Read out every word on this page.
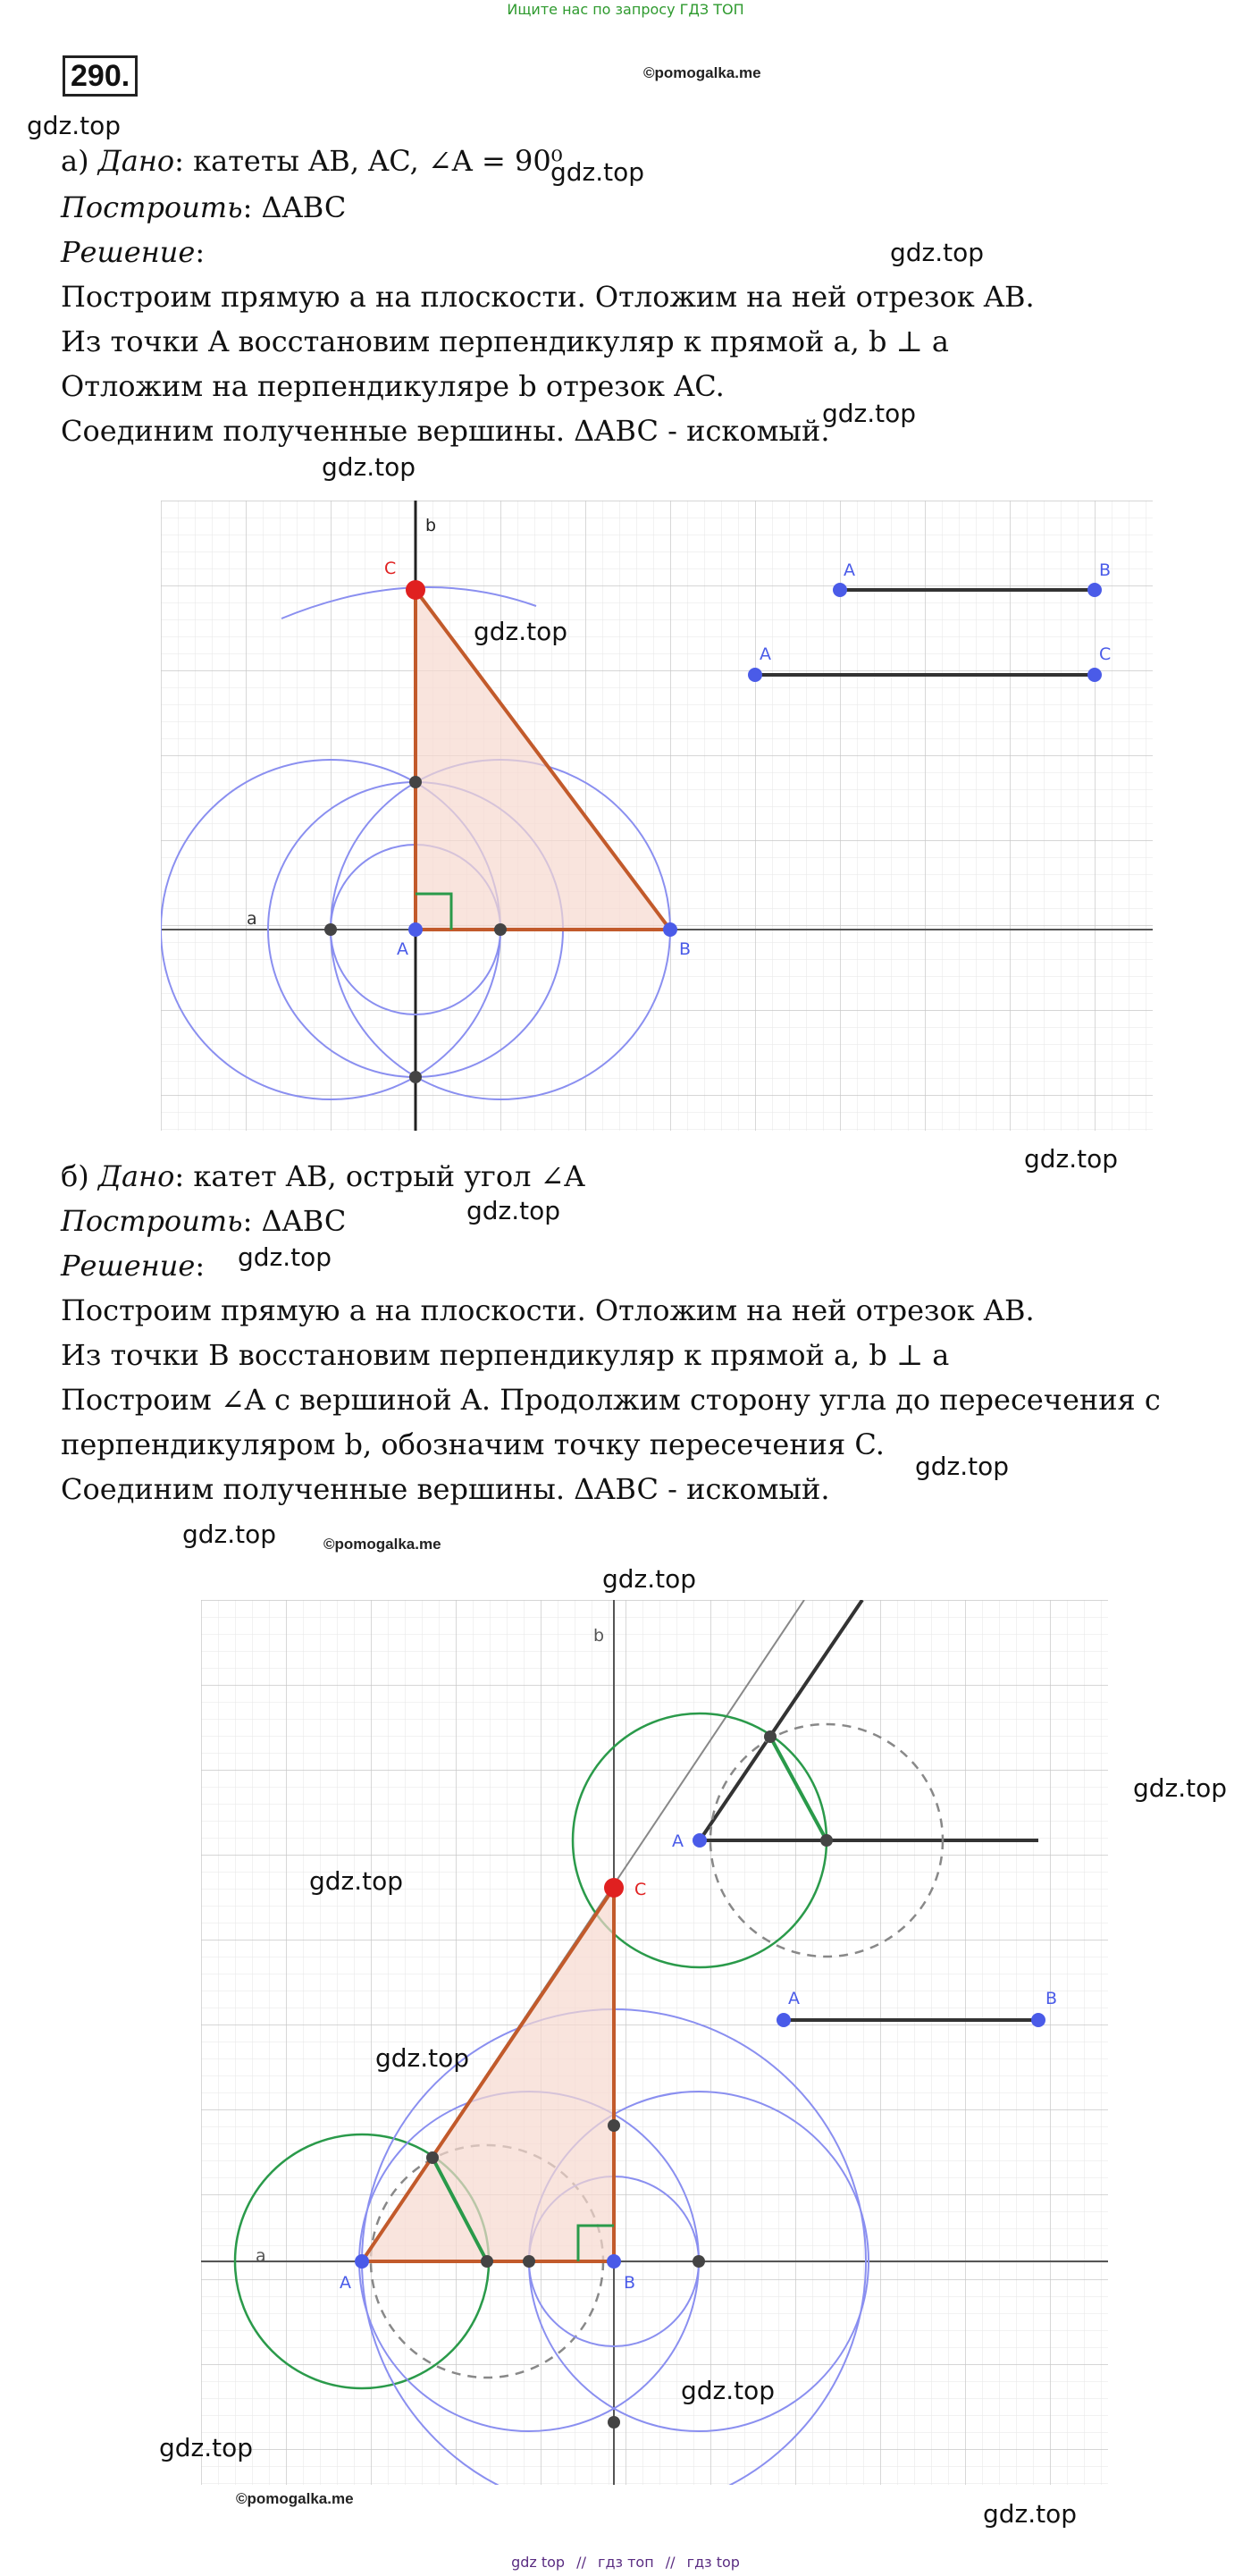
Ищите нас по запросу ГДЗ ТОП
290.	©pomogalka.me
gdz.top
gdz.top
gdz.top
gdz.top
gdz.top
а) Дано: катеты AB, AC, ∠A = 90⁰
Построить: ΔABC
Решение:
Построим прямую a на плоскости. Отложим на ней отрезок AB.
Из точки A восстановим перпендикуляр к прямой a, b ⊥ a
Отложим на перпендикуляре b отрезок AC.
Соединим полученные вершины. ΔABC - искомый.
b
a
C
A	B
A	B
A	C
gdz.top
gdz.top
б) Дано: катет AB, острый угол ∠A
gdz.top
Построить: ΔABC
Решение: gdz.top
Построим прямую a на плоскости. Отложим на ней отрезок AB.
Из точки B восстановим перпендикуляр к прямой a, b ⊥ a
Построим ∠A с вершиной A. Продолжим сторону угла до пересечения с
перпендикуляром b, обозначим точку пересечения C.
gdz.top
Соединим полученные вершины. ΔABC - искомый.
gdz.top	©pomogalka.me
gdz.top
b
a
C
A	B
A
A	B
gdz.top
gdz.top
gdz.top
gdz.top
gdz.top
©pomogalka.me
gdz.top
gdz top // гдз топ // гдз top
